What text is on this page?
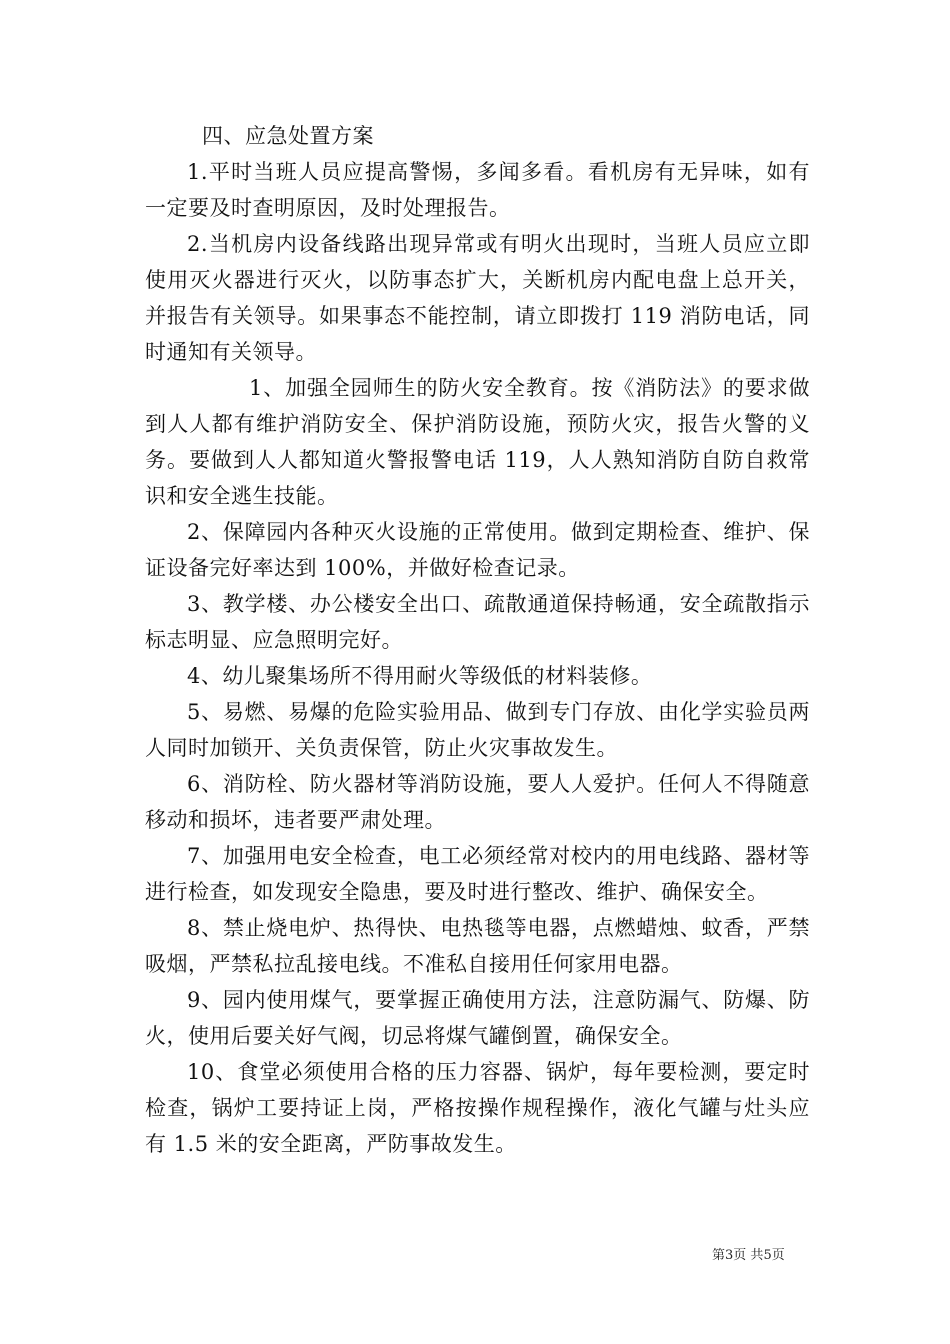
四、应急处置方案

1.平时当班人员应提高警惕，多闻多看。看机房有无异味，如有一定要及时查明原因，及时处理报告。

2.当机房内设备线路出现异常或有明火出现时，当班人员应立即使用灭火器进行灭火，以防事态扩大，关断机房内配电盘上总开关，并报告有关领导。如果事态不能控制，请立即拨打 119 消防电话，同时通知有关领导。

1、加强全园师生的防火安全教育。按《消防法》的要求做到人人都有维护消防安全、保护消防设施，预防火灾，报告火警的义务。要做到人人都知道火警报警电话 119，人人熟知消防自防自救常识和安全逃生技能。

2、保障园内各种灭火设施的正常使用。做到定期检查、维护、保证设备完好率达到 100%，并做好检查记录。

3、教学楼、办公楼安全出口、疏散通道保持畅通，安全疏散指示标志明显、应急照明完好。

4、幼儿聚集场所不得用耐火等级低的材料装修。

5、易燃、易爆的危险实验用品、做到专门存放、由化学实验员两人同时加锁开、关负责保管，防止火灾事故发生。

6、消防栓、防火器材等消防设施，要人人爱护。任何人不得随意移动和损坏，违者要严肃处理。

7、加强用电安全检查，电工必须经常对校内的用电线路、器材等进行检查，如发现安全隐患，要及时进行整改、维护、确保安全。

8、禁止烧电炉、热得快、电热毯等电器，点燃蜡烛、蚊香，严禁吸烟，严禁私拉乱接电线。不准私自接用任何家用电器。

9、园内使用煤气，要掌握正确使用方法，注意防漏气、防爆、防火，使用后要关好气阀，切忌将煤气罐倒置，确保安全。

10、食堂必须使用合格的压力容器、锅炉，每年要检测，要定时检查，锅炉工要持证上岗，严格按操作规程操作，液化气罐与灶头应有 1.5 米的安全距离，严防事故发生。

第3页 共5页
